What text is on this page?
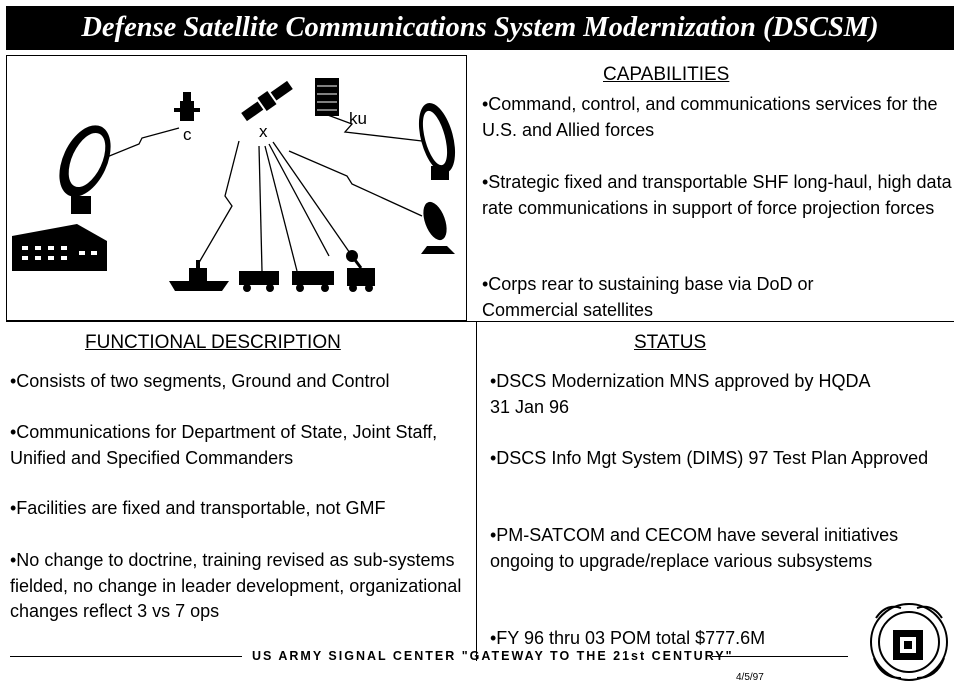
Defense Satellite Communications System Modernization (DSCSM)
c	x
ku
CAPABILITIES
•Command, control, and communications services for the U.S. and Allied forces
•Strategic fixed and transportable SHF long-haul, high data rate communications in support of force projection forces
•Corps rear to sustaining base via DoD or Commercial satellites
FUNCTIONAL DESCRIPTION
•Consists of two segments, Ground and Control
•Communications for Department of State, Joint Staff, Unified and Specified Commanders
•Facilities are fixed and transportable, not GMF
•No change to doctrine, training revised as sub-systems fielded, no change in leader development, organizational changes reflect 3 vs 7 ops
STATUS
•DSCS Modernization MNS approved by HQDA 31 Jan 96
•DSCS Info Mgt System (DIMS) 97 Test Plan Approved
•PM-SATCOM and CECOM have several initiatives ongoing to upgrade/replace various subsystems
•FY 96 thru 03 POM total $777.6M
US ARMY SIGNAL CENTER "GATEWAY TO THE 21st CENTURY"
4/5/97
